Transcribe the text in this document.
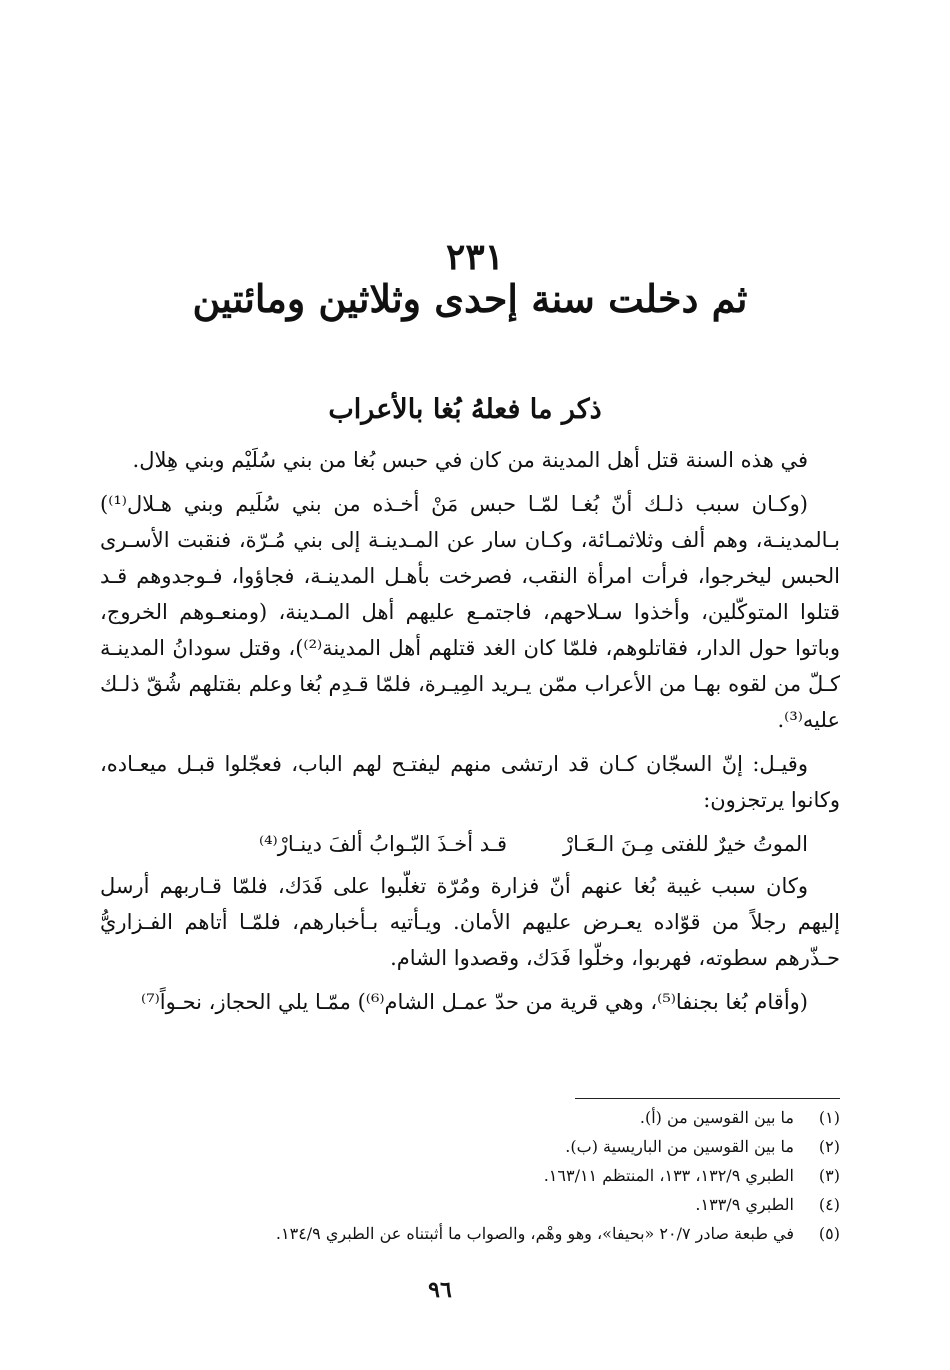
٢٣١
ثم دخلت سنة إحدى وثلاثين ومائتين
ذكر ما فعلهُ بُغا بالأعراب

في هذه السنة قتل أهل المدينة من كان في حبس بُغا من بني سُلَيْم وبني هِلال.

(وكـان سبب ذلـك أنّ بُغـا لمّـا حبس مَنْ أخـذه من بني سُلَيم وبني هـلال⁽¹⁾) بـالمدينـة، وهم ألف وثلاثمـائة، وكـان سار عن المـدينـة إلى بني مُـرّة، فنقبت الأسـرى الحبس ليخرجوا، فرأت امرأة النقب، فصرخت بأهـل المدينـة، فجاؤوا، فـوجدوهم قـد قتلوا المتوكّلين، وأخذوا سـلاحهم، فاجتمـع عليهم أهل المـدينة، (ومنعـوهم الخروج، وباتوا حول الدار، فقاتلوهم، فلمّا كان الغد قتلهم أهل المدينة⁽²⁾)، وقتل سودانُ المدينـة كـلّ من لقوه بهـا من الأعراب ممّن يـريد المِيـرة، فلمّا قـدِم بُغا وعلم بقتلهم شُقّ ذلـك عليه⁽³⁾.

وقيـل: إنّ السجّان كـان قد ارتشى منهم ليفتـح لهم الباب، فعجّلوا قبـل ميعـاده، وكانوا يرتجزون:

الموتُ خيرٌ للفتى مِـنَ الـعَـارْ
قـد أخـذَ البّـوابُ ألفَ دينـارْ⁽⁴⁾

وكان سبب غيبة بُغا عنهم أنّ فزارة ومُرّة تغلّبوا على فَدَك، فلمّا قـاربهم أرسل إليهم رجلاً من قوّاده يعـرض عليهم الأمان. ويـأتيه بـأخبارهم، فلمّـا أتاهم الفـزاريُّ حـذّرهم سطوته، فهربوا، وخلّوا فَدَك، وقصدوا الشام.

(وأقام بُغا بجنفا⁽⁵⁾، وهي قرية من حدّ عمـل الشام⁽⁶⁾) ممّـا يلي الحجاز، نحـواً⁽⁷⁾

(١)
ما بين القوسين من (أ).
(٢)
ما بين القوسين من الباريسية (ب).
(٣)
الطبري ١٣٢/٩، ١٣٣، المنتظم ١٦٣/١١.
(٤)
الطبري ١٣٣/٩.
(٥)
في طبعة صادر ٢٠/٧ «بحيفا»، وهو وهْم، والصواب ما أثبتناه عن الطبري ١٣٤/٩.
٩٦
